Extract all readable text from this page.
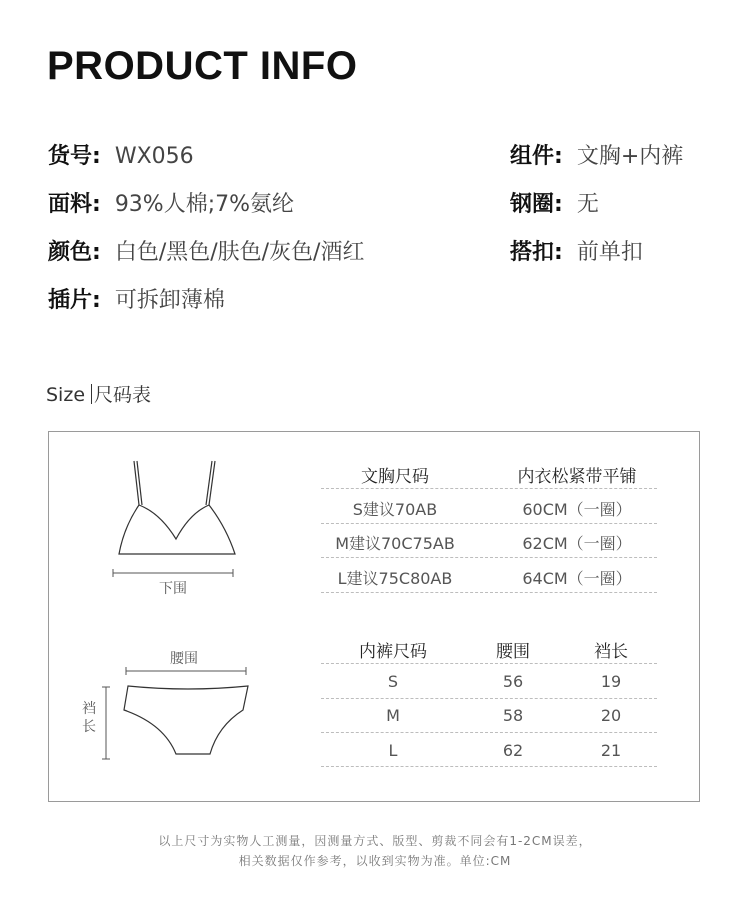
PRODUCT INFO
货号: WX056
面料: 93%人棉;7%氨纶
颜色: 白色/黑色/肤色/灰色/酒红
插片: 可拆卸薄棉
组件: 文胸+内裤
钢圈: 无
搭扣: 前单扣
Size 尺码表
下围
腰围
裆长
文胸尺码	内衣松紧带平铺
S建议70AB	60CM（一圈）
M建议70C75AB	62CM（一圈）
L建议75C80AB	64CM（一圈）
内裤尺码	腰围	裆长
S	56	19
M	58	20
L	62	21
以上尺寸为实物人工测量，因测量方式、版型、剪裁不同会有1-2CM误差，
相关数据仅作参考，以收到实物为准。单位:CM
